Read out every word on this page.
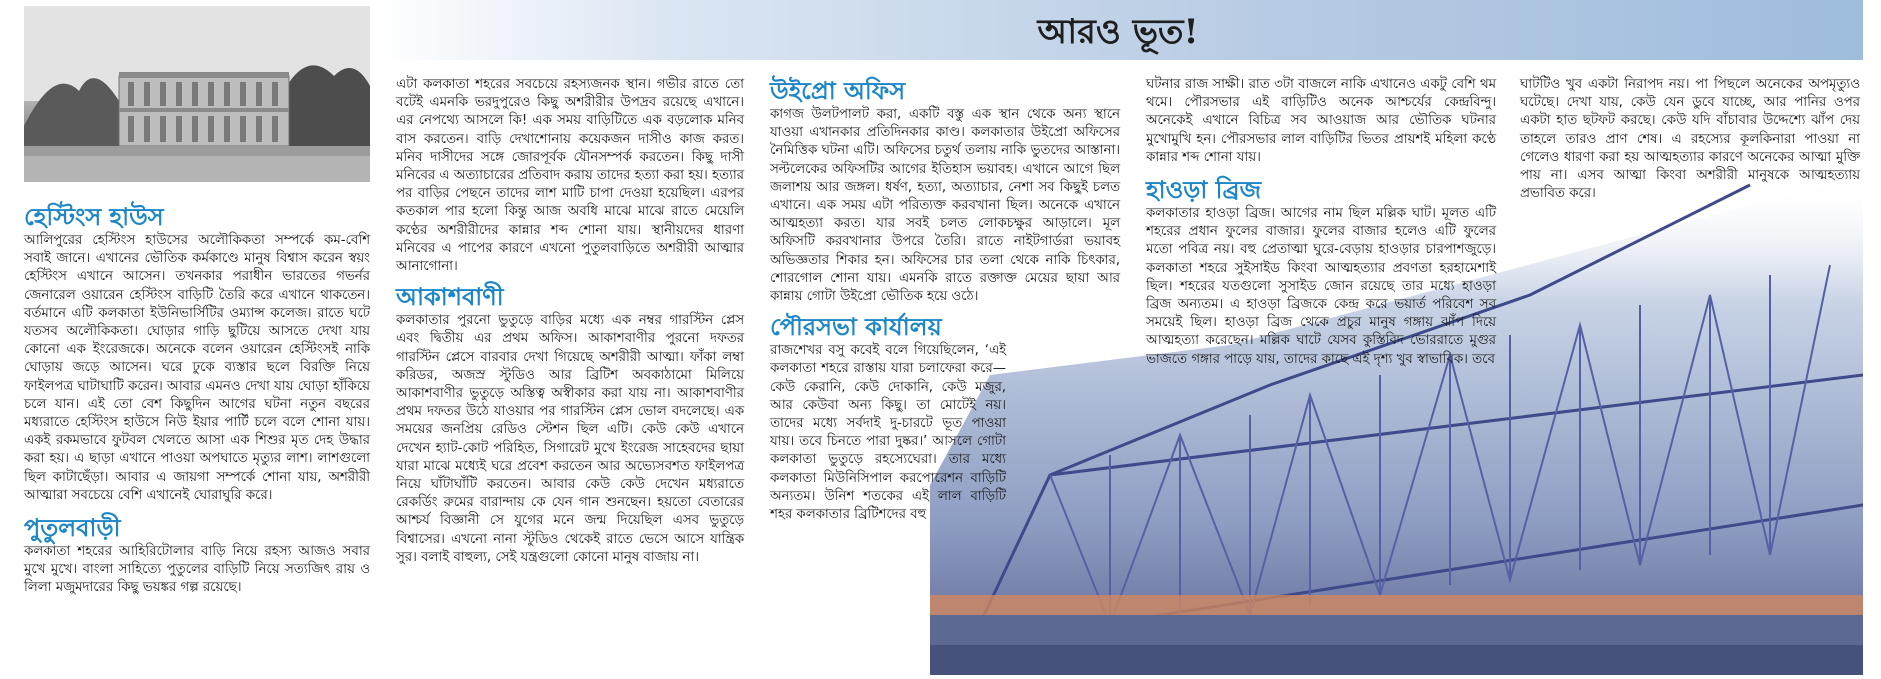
আরও ভূত!
হেস্টিংস হাউস

আলিপুরের হেস্টিংস হাউসের অলৌকিকতা সম্পর্কে কম-বেশি সবাই জানে। এখানের ভৌতিক কর্মকাণ্ডে মানুষ বিশ্বাস করেন স্বয়ং হেস্টিংস এখানে আসেন। তখনকার পরাধীন ভারতের গভর্নর জেনারেল ওয়ারেন হেস্টিংস বাড়িটি তৈরি করে এখানে থাকতেন। বর্তমানে এটি কলকাতা ইউনিভার্সিটির ওম্যান্স কলেজ। রাতে ঘটে যতসব অলৌকিকতা। ঘোড়ার গাড়ি ছুটিয়ে আসতে দেখা যায় কোনো এক ইংরেজকে। অনেকে বলেন ওয়ারেন হেস্টিংসই নাকি ঘোড়ায় জড়ে আসেন। ঘরে ঢুকে ব্যস্তার ছলে বিরক্তি নিয়ে ফাইলপত্র ঘাটাঘাটি করেন। আবার এমনও দেখা যায় ঘোড়া হাঁকিয়ে চলে যান। এই তো বেশ কিছুদিন আগের ঘটনা নতুন বছরের মধ্যরাতে হেস্টিংস হাউসে নিউ ইয়ার পার্টি চলে বলে শোনা যায়। একই রকমভাবে ফুটবল খেলতে আসা এক শিশুর মৃত দেহ উদ্ধার করা হয়। এ ছাড়া এখানে পাওয়া অপঘাতে মৃত্যুর লাশ। লাশগুলো ছিল কাটাছেঁড়া। আবার এ জায়গা সম্পর্কে শোনা যায়, অশরীরী আত্মারা সবচেয়ে বেশি এখানেই ঘোরাঘুরি করে।

পুতুলবাড়ী

কলকাতা শহরের আহিরিটোলার বাড়ি নিয়ে রহস্য আজও সবার মুখে মুখে। বাংলা সাহিত্যে পুতুলের বাড়িটি নিয়ে সত্যজিৎ রায় ও লিলা মজুমদারের কিছু ভয়ঙ্কর গল্প রয়েছে।

এটা কলকাতা শহরের সবচেয়ে রহস্যজনক স্থান। গভীর রাতে তো বটেই এমনকি ভরদুপুরেও কিছু অশরীরীর উপদ্রব রয়েছে এখানে। এর নেপথ্যে আসলে কি! এক সময় বাড়িটিতে এক বড়লোক মনিব বাস করতেন। বাড়ি দেখাশোনায় কয়েকজন দাসীও কাজ করত। মনিব দাসীদের সঙ্গে জোরপূর্বক যৌনসম্পর্ক করতেন। কিছু দাসী মনিবের এ অত্যাচারের প্রতিবাদ করায় তাদের হত্যা করা হয়। হত্যার পর বাড়ির পেছনে তাদের লাশ মাটি চাপা দেওয়া হয়েছিল। এরপর কতকাল পার হলো কিন্তু আজ অবধি মাঝে মাঝে রাতে মেয়েলি কণ্ঠের অশরীরীদের কান্নার শব্দ শোনা যায়। স্থানীয়দের ধারণা মনিবের এ পাপের কারণে এখনো পুতুলবাড়িতে অশরীরী আত্মার আনাগোনা।

আকাশবাণী

কলকাতার পুরনো ভুতুড়ে বাড়ির মধ্যে এক নম্বর গারস্টিন প্লেস এবং দ্বিতীয় এর প্রথম অফিস। আকাশবাণীর পুরনো দফতর গারস্টিন প্লেসে বারবার দেখা গিয়েছে অশরীরী আত্মা। ফাঁকা লম্বা করিডর, অজস্র স্টুডিও আর ব্রিটিশ অবকাঠামো মিলিয়ে আকাশবাণীর ভুতুড়ে অস্তিত্ব অস্বীকার করা যায় না। আকাশবাণীর প্রথম দফতর উঠে যাওয়ার পর গারস্টিন প্লেস ভোল বদলেছে। এক সময়ের জনপ্রিয় রেডিও স্টেশন ছিল এটি। কেউ কেউ এখানে দেখেন হ্যাট-কোট পরিহিত, সিগারেট মুখে ইংরেজ সাহেবদের ছায়া যারা মাঝে মধ্যেই ঘরে প্রবেশ করতেন আর অভ্যেসবশত ফাইলপত্র নিয়ে ঘাঁটাঘাঁটি করতেন। আবার কেউ কেউ দেখেন মধ্যরাতে রেকর্ডিং রুমের বারান্দায় কে যেন গান শুনছেন। হয়তো বেতারের আশ্চর্য বিজ্ঞানী সে যুগের মনে জন্ম দিয়েছিল এসব ভুতুড়ে বিশ্বাসের। এখনো নানা স্টুডিও থেকেই রাতে ভেসে আসে যান্ত্রিক সুর। বলাই বাহুল্য, সেই যন্ত্রগুলো কোনো মানুষ বাজায় না।

উইপ্রো অফিস

কাগজ উলটপালট করা, একটি বস্তু এক স্থান থেকে অন্য স্থানে যাওয়া এখানকার প্রতিদিনকার কাণ্ড। কলকাতার উইপ্রো অফিসের নৈমিত্তিক ঘটনা এটি। অফিসের চতুর্থ তলায় নাকি ভুতদের আস্তানা। সল্টলেকের অফিসটির আগের ইতিহাস ভয়াবহ। এখানে আগে ছিল জলাশয় আর জঙ্গল। ধর্ষণ, হত্যা, অত্যাচার, নেশা সব কিছুই চলত এখানে। এক সময় এটা পরিত্যক্ত করবখানা ছিল। অনেকে এখানে আত্মহত্যা করত। যার সবই চলত লোকচক্ষুর আড়ালে। মূল অফিসটি করবখানার উপরে তৈরি। রাতে নাইটগার্ডরা ভয়াবহ অভিজ্ঞতার শিকার হন। অফিসের চার তলা থেকে নাকি চিৎকার, শোরগোল শোনা যায়। এমনকি রাতে রক্তাক্ত মেয়ের ছায়া আর কান্নায় গোটা উইপ্রো ভৌতিক হয়ে ওঠে।

পৌরসভা কার্যালয়

রাজশেখর বসু কবেই বলে গিয়েছিলেন, ‘এই কলকাতা শহরে রাস্তায় যারা চলাফেরা করে— কেউ কেরানি, কেউ দোকানি, কেউ মজুর, আর কেউবা অন্য কিছু। তা মোটেই নয়। তাদের মধ্যে সর্বদাই দু-চারটে ভূত পাওয়া যায়। তবে চিনতে পারা দুষ্কর।’ আসলে গোটা কলকাতা ভুতুড়ে রহস্যেঘেরা। তার মধ্যে কলকাতা মিউনিসিপাল করপোরেশন বাড়িটি অন্যতম। উনিশ শতকের এই লাল বাড়িটি শহর কলকাতার ব্রিটিশদের বহু

ঘটনার রাজ সাক্ষী। রাত ৩টা বাজলে নাকি এখানেও একটু বেশি থম থমে। পৌরসভার এই বাড়িটিও অনেক আশ্চর্যের কেন্দ্রবিন্দু। অনেকেই এখানে বিচিত্র সব আওয়াজ আর ভৌতিক ঘটনার মুখোমুখি হন। পৌরসভার লাল বাড়িটির ভিতর প্রায়শই মহিলা কণ্ঠে কান্নার শব্দ শোনা যায়।

হাওড়া ব্রিজ

কলকাতার হাওড়া ব্রিজ। আগের নাম ছিল মল্লিক ঘাট। মূলত এটি শহরের প্রধান ফুলের বাজার। ফুলের বাজার হলেও এটি ফুলের মতো পবিত্র নয়। বহু প্রেতাত্মা ঘুরে-বেড়ায় হাওড়ার চারপাশজুড়ে। কলকাতা শহরে সুইসাইড কিংবা আত্মহত্যার প্রবণতা হরহামেশাই ছিল। শহরের যতগুলো সুসাইড জোন রয়েছে তার মধ্যে হাওড়া ব্রিজ অন্যতম। এ হাওড়া ব্রিজকে কেন্দ্র করে ভয়ার্ত পরিবেশ সব সময়েই ছিল। হাওড়া ব্রিজ থেকে প্রচুর মানুষ গঙ্গায় ঝাঁপ দিয়ে আত্মহত্যা করেছেন। মল্লিক ঘাটে যেসব কুস্তিবিদ ভোররাতে মুগুর ভাজতে গঙ্গার পাড়ে যায়, তাদের কাছে এই দৃশ্য খুব স্বাভাবিক। তবে

ঘাটটিও খুব একটা নিরাপদ নয়। পা পিছলে অনেকের অপমৃত্যুও ঘটেছে। দেখা যায়, কেউ যেন ডুবে যাচ্ছে, আর পানির ওপর একটা হাত ছটফট করছে। কেউ যদি বাঁচাবার উদ্দেশ্যে ঝাঁপ দেয় তাহলে তারও প্রাণ শেষ। এ রহস্যের কূলকিনারা পাওয়া না গেলেও ধারণা করা হয় আত্মহত্যার কারণে অনেকের আত্মা মুক্তি পায় না। এসব আত্মা কিংবা অশরীরী মানুষকে আত্মহত্যায় প্রভাবিত করে।
